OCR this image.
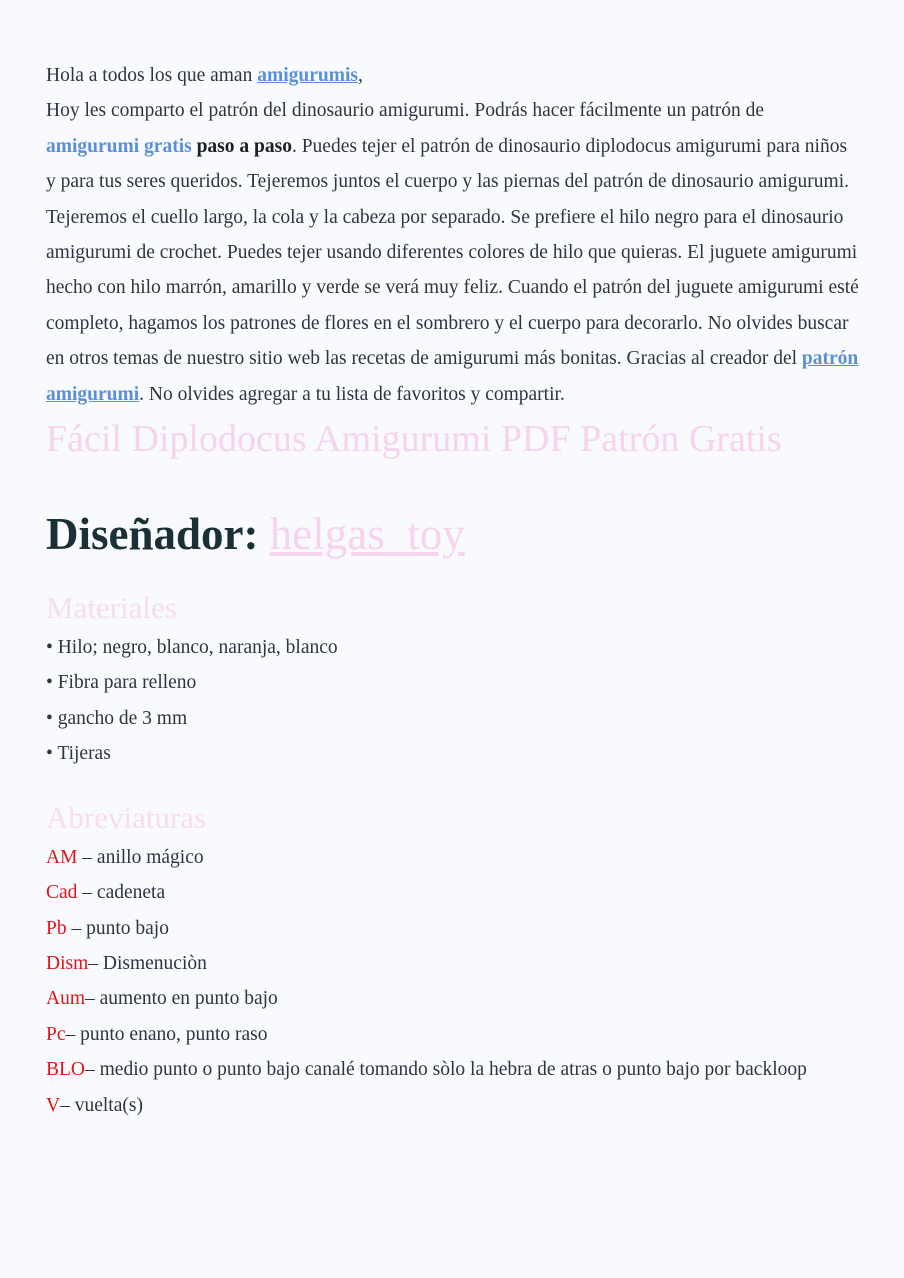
Hola a todos los que aman amigurumis,
Hoy les comparto el patrón del dinosaurio amigurumi. Podrás hacer fácilmente un patrón de amigurumi gratis paso a paso. Puedes tejer el patrón de dinosaurio diplodocus amigurumi para niños y para tus seres queridos. Tejeremos juntos el cuerpo y las piernas del patrón de dinosaurio amigurumi. Tejeremos el cuello largo, la cola y la cabeza por separado. Se prefiere el hilo negro para el dinosaurio amigurumi de crochet. Puedes tejer usando diferentes colores de hilo que quieras. El juguete amigurumi hecho con hilo marrón, amarillo y verde se verá muy feliz. Cuando el patrón del juguete amigurumi esté completo, hagamos los patrones de flores en el sombrero y el cuerpo para decorarlo. No olvides buscar en otros temas de nuestro sitio web las recetas de amigurumi más bonitas. Gracias al creador del patrón amigurumi. No olvides agregar a tu lista de favoritos y compartir.

Fácil Diplodocus Amigurumi PDF Patrón Gratis
Diseñador: helgas_toy
Materiales
• Hilo; negro, blanco, naranja, blanco
• Fibra para relleno
• gancho de 3 mm
• Tijeras
Abreviaturas
AM – anillo mágico
Cad – cadeneta
Pb – punto bajo
Dism– Dismenuciòn
Aum– aumento en punto bajo
Pc– punto enano, punto raso
BLO– medio punto o punto bajo canalé tomando sòlo la hebra de atras o punto bajo por backloop
V– vuelta(s)
